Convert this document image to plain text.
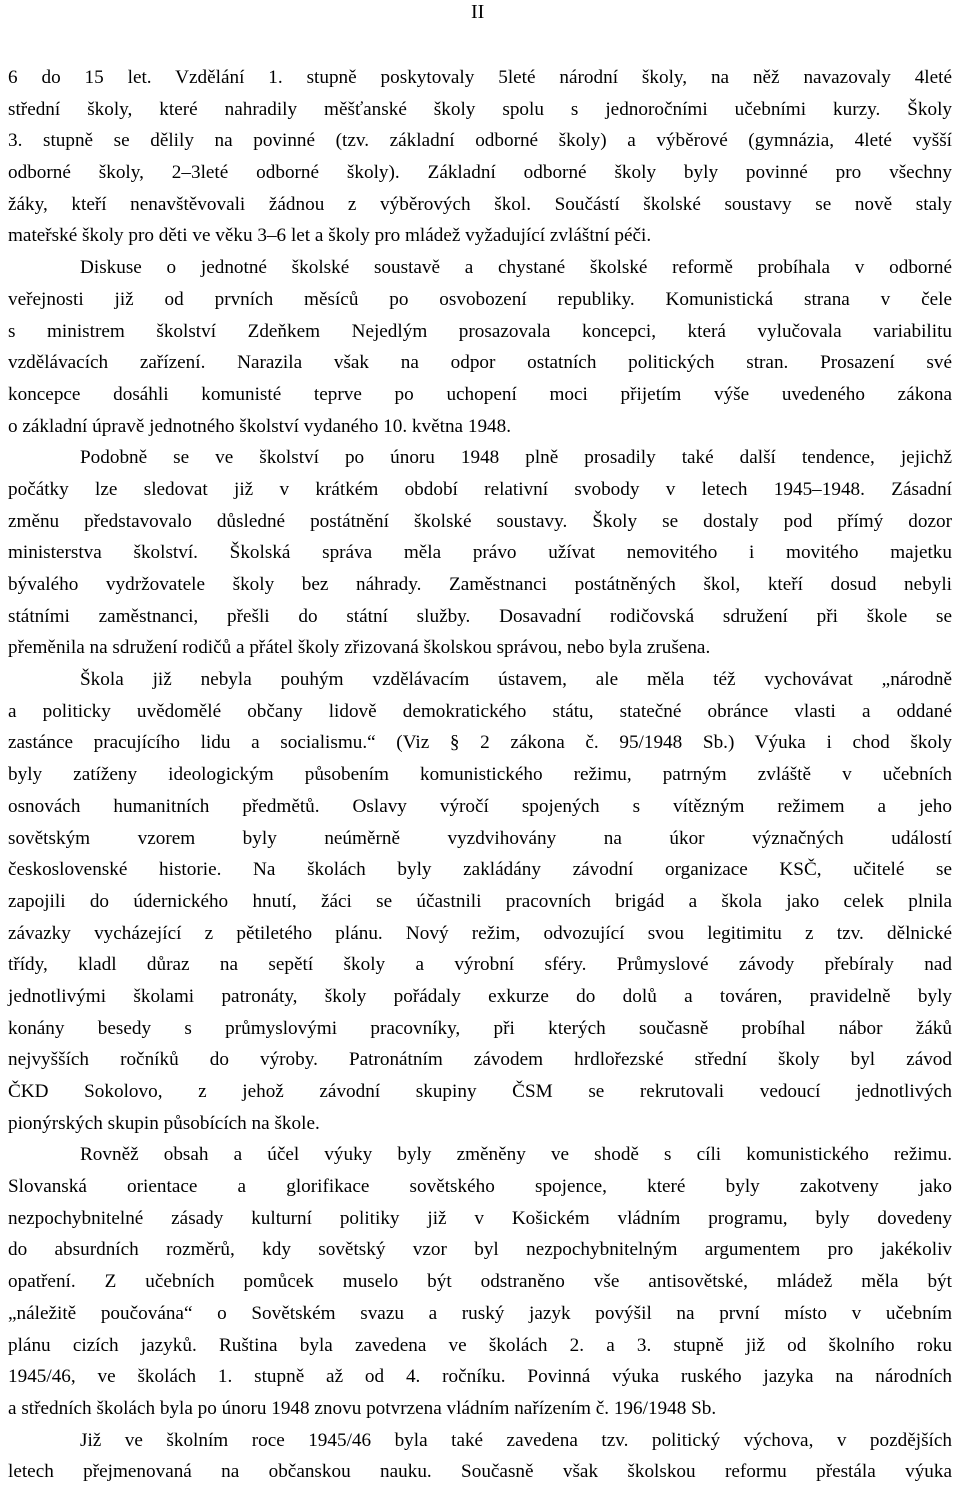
II
6 do 15 let. Vzdělání 1. stupně poskytovaly 5leté národní školy, na něž navazovaly 4leté
střední školy, které nahradily měšťanské školy spolu s jednoročními učebními kurzy. Školy
3. stupně se dělily na povinné (tzv. základní odborné školy) a výběrové (gymnázia, 4leté vyšší
odborné školy, 2–3leté odborné školy). Základní odborné školy byly povinné pro všechny
žáky, kteří nenavštěvovali žádnou z výběrových škol. Součástí školské soustavy se nově staly
mateřské školy pro děti ve věku 3–6 let a školy pro mládež vyžadující zvláštní péči.
Diskuse o jednotné školské soustavě a chystané školské reformě probíhala v odborné
veřejnosti již od prvních měsíců po osvobození republiky. Komunistická strana v čele
s ministrem školství Zdeňkem Nejedlým prosazovala koncepci, která vylučovala variabilitu
vzdělávacích zařízení. Narazila však na odpor ostatních politických stran. Prosazení své
koncepce dosáhli komunisté teprve po uchopení moci přijetím výše uvedeného zákona
o základní úpravě jednotného školství vydaného 10. května 1948.
Podobně se ve školství po únoru 1948 plně prosadily také další tendence, jejichž
počátky lze sledovat již v krátkém období relativní svobody v letech 1945–1948. Zásadní
změnu představovalo důsledné postátnění školské soustavy. Školy se dostaly pod přímý dozor
ministerstva školství. Školská správa měla právo užívat nemovitého i movitého majetku
bývalého vydržovatele školy bez náhrady. Zaměstnanci postátněných škol, kteří dosud nebyli
státními zaměstnanci, přešli do státní služby. Dosavadní rodičovská sdružení při škole se
přeměnila na sdružení rodičů a přátel školy zřizovaná školskou správou, nebo byla zrušena.
Škola již nebyla pouhým vzdělávacím ústavem, ale měla též vychovávat „národně
a politicky uvědomělé občany lidově demokratického státu, statečné obránce vlasti a oddané
zastánce pracujícího lidu a socialismu.“ (Viz § 2 zákona č. 95/1948 Sb.) Výuka i chod školy
byly zatíženy ideologickým působením komunistického režimu, patrným zvláště v učebních
osnovách humanitních předmětů. Oslavy výročí spojených s vítězným režimem a jeho
sovětským vzorem byly neúměrně vyzdvihovány na úkor význačných událostí
československé historie. Na školách byly zakládány závodní organizace KSČ, učitelé se
zapojili do údernického hnutí, žáci se účastnili pracovních brigád a škola jako celek plnila
závazky vycházející z pětiletého plánu. Nový režim, odvozující svou legitimitu z tzv. dělnické
třídy, kladl důraz na sepětí školy a výrobní sféry. Průmyslové závody přebíraly nad
jednotlivými školami patronáty, školy pořádaly exkurze do dolů a továren, pravidelně byly
konány besedy s průmyslovými pracovníky, při kterých současně probíhal nábor žáků
nejvyšších ročníků do výroby. Patronátním závodem hrdlořezské střední školy byl závod
ČKD Sokolovo, z jehož závodní skupiny ČSM se rekrutovali vedoucí jednotlivých
pionýrských skupin působících na škole.
Rovněž obsah a účel výuky byly změněny ve shodě s cíli komunistického režimu.
Slovanská orientace a glorifikace sovětského spojence, které byly zakotveny jako
nezpochybnitelné zásady kulturní politiky již v Košickém vládním programu, byly dovedeny
do absurdních rozměrů, kdy sovětský vzor byl nezpochybnitelným argumentem pro jakékoliv
opatření. Z učebních pomůcek muselo být odstraněno vše antisovětské, mládež měla být
„náležitě poučována“ o Sovětském svazu a ruský jazyk povýšil na první místo v učebním
plánu cizích jazyků. Ruština byla zavedena ve školách 2. a 3. stupně již od školního roku
1945/46, ve školách 1. stupně až od 4. ročníku. Povinná výuka ruského jazyka na národních
a středních školách byla po únoru 1948 znovu potvrzena vládním nařízením č. 196/1948 Sb.
Již ve školním roce 1945/46 byla také zavedena tzv. politický výchova, v pozdějších
letech přejmenovaná na občanskou nauku. Současně však školskou reformu přestála výuka
